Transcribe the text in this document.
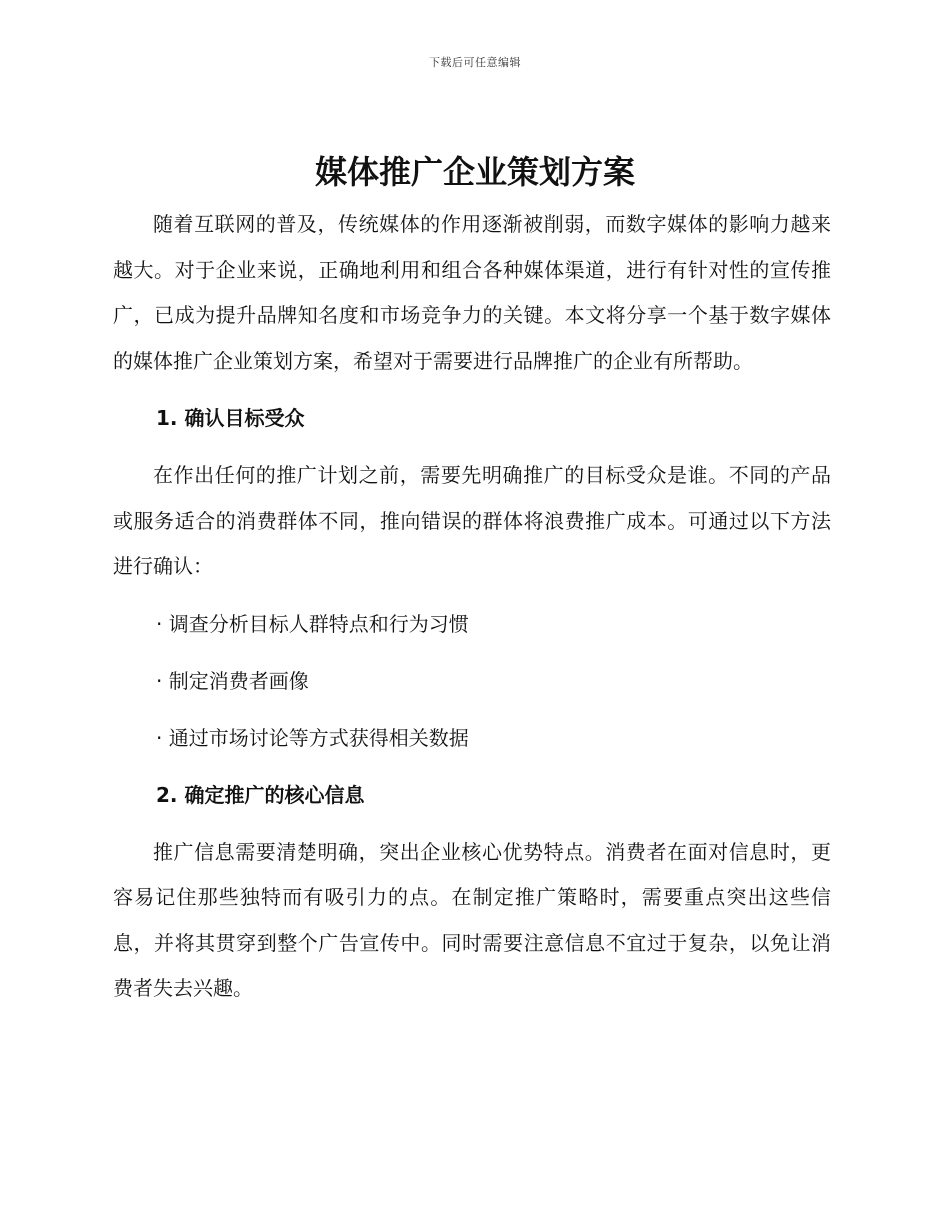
下载后可任意编辑
媒体推广企业策划方案

随着互联网的普及，传统媒体的作用逐渐被削弱，而数字媒体的影响力越来越大。对于企业来说，正确地利用和组合各种媒体渠道，进行有针对性的宣传推广，已成为提升品牌知名度和市场竞争力的关键。本文将分享一个基于数字媒体的媒体推广企业策划方案，希望对于需要进行品牌推广的企业有所帮助。

1. 确认目标受众

在作出任何的推广计划之前，需要先明确推广的目标受众是谁。不同的产品或服务适合的消费群体不同，推向错误的群体将浪费推广成本。可通过以下方法进行确认：

· 调查分析目标人群特点和行为习惯
· 制定消费者画像
· 通过市场讨论等方式获得相关数据
2. 确定推广的核心信息

推广信息需要清楚明确，突出企业核心优势特点。消费者在面对信息时，更容易记住那些独特而有吸引力的点。在制定推广策略时，需要重点突出这些信息，并将其贯穿到整个广告宣传中。同时需要注意信息不宜过于复杂，以免让消费者失去兴趣。
